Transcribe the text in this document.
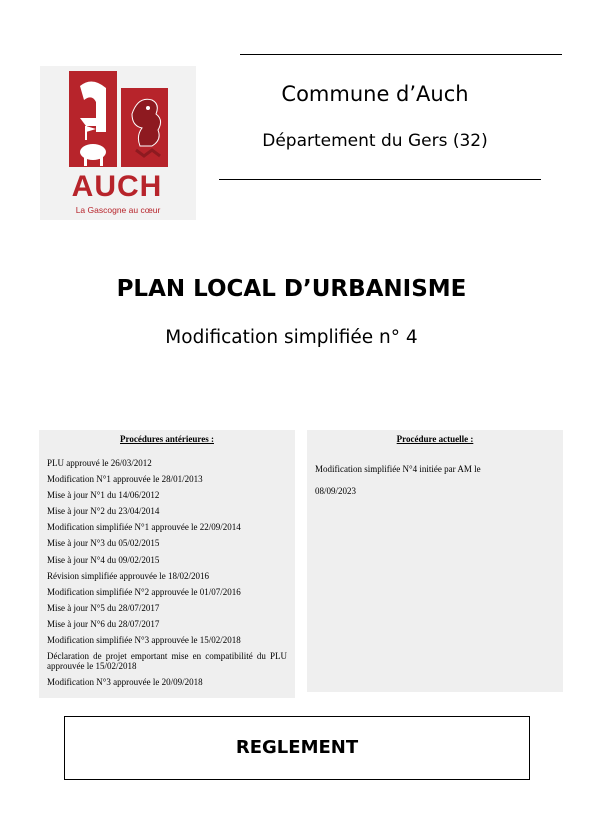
AUCH
La Gascogne au cœur
Commune d’Auch
Département du Gers (32)
PLAN LOCAL D’URBANISME
Modification simplifiée n° 4
Procédures antérieures :
PLU approuvé le 26/03/2012
Modification N°1 approuvée le 28/01/2013
Mise à jour N°1 du 14/06/2012
Mise à jour N°2 du 23/04/2014
Modification simplifiée N°1 approuvée le 22/09/2014
Mise à jour N°3 du 05/02/2015
Mise à jour N°4 du 09/02/2015
Révision simplifiée approuvée le 18/02/2016
Modification simplifiée N°2 approuvée le 01/07/2016
Mise à jour N°5 du 28/07/2017
Mise à jour N°6 du 28/07/2017
Modification simplifiée N°3 approuvée le 15/02/2018
Déclaration de projet emportant mise en compatibilité du PLU approuvée le 15/02/2018
Modification N°3 approuvée le 20/09/2018
Procédure actuelle :
Modification simplifiée N°4 initiée par AM le
08/09/2023
REGLEMENT
